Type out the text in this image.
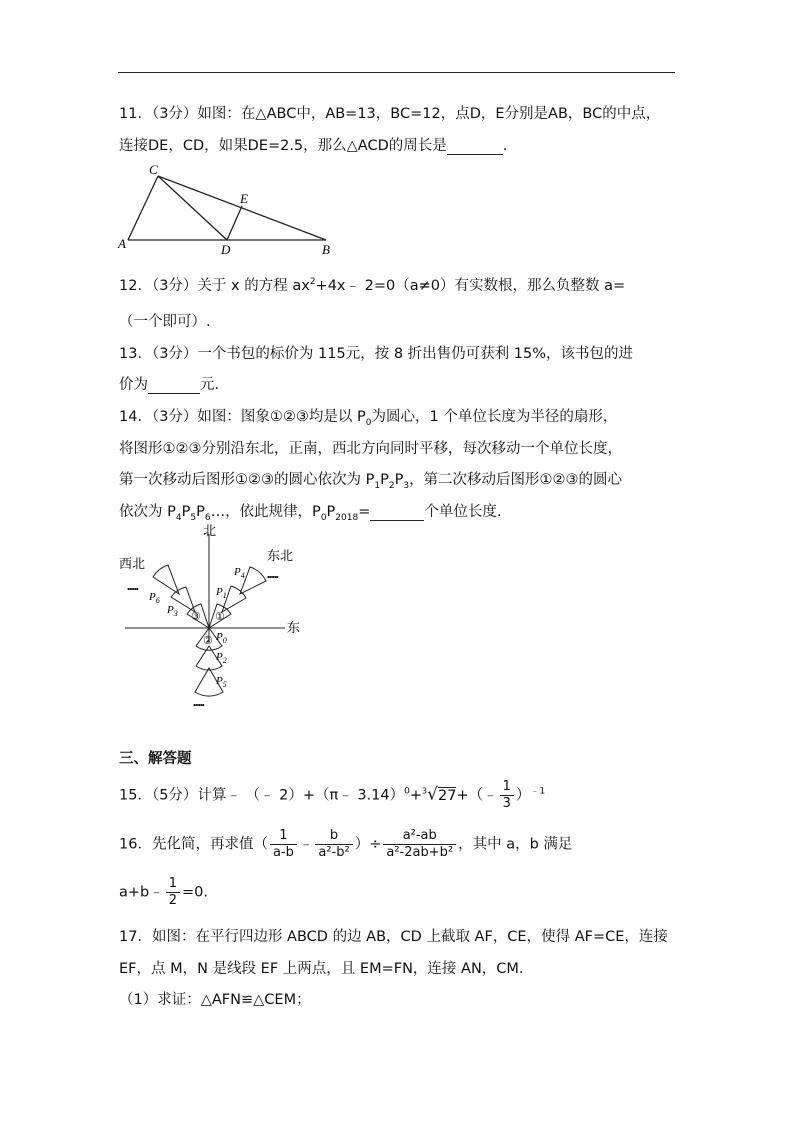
11．（3分）如图：在△ABC中，AB=13，BC=12，点D，E分别是AB，BC的中点，
连接DE，CD，如果DE=2.5，那么△ACD的周长是	.
C
E
A	D	B
12．（3分）关于 x 的方程 $ax^2+4x﹣$ 2=0（a≠0）有实数根，那么负整数 a=
（一个即可）.
13．（3分）一个书包的标价为 115元，按 8 折出售仍可获利 15%，该书包的进
价为	元.
14．（3分）如图：图象①②③均是以 $P_0$为圆心，1 个单位长度为半径的扇形，
将图形①②③分别沿东北，正南，西北方向同时平移，每次移动一个单位长度，
第一次移动后图形①②③的圆心依次为 $P_1P_2P_3$，第二次移动后图形①②③的圆心
依次为 $P_4P_5P_6\dots$，依此规律，$P_0P_{2018}=$	个单位长度.
北
东
西北
东北
••••••
••••••
••••••
①
③
② $P_0$
$P_1$
$P_2$
$P_3$
$P_4$
$P_5$
$P_6$
三、解答题
15．（5分）计算﹣ （﹣ 2）+（π﹣ 3.14）$^0$+$^3$√27+（﹣ $\frac{1}{3} )^{﹣1}$
16．先化简，再求值（ $\frac{1}{a-b}$ ﹣ $\frac{b}{\text{a²-b²}}$ ）÷ $\frac{\text{a²-ab}}{\text{a²-2ab+b²}}$ ，其中 a，b 满足
a+b﹣ $\frac{1}{2} =0$.
17．如图：在平行四边形 ABCD 的边 AB，CD 上截取 AF，CE，使得 AF=CE，连接
EF，点 M，N 是线段 EF 上两点，且 EM=FN，连接 AN，CM.
（1）求证：△AFN≌△CEM；
